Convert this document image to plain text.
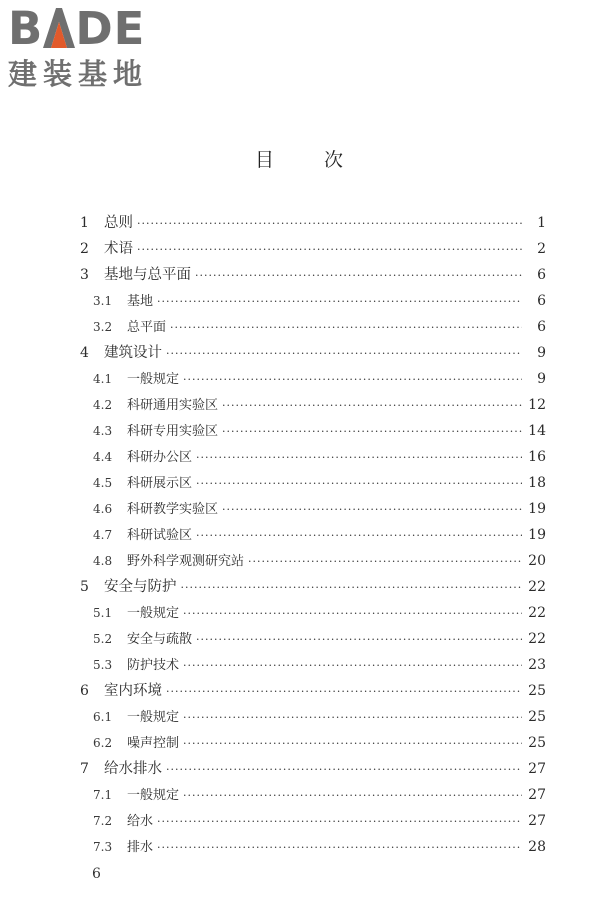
B DE
建装基地
目	次
1	总则 ·····	1
2	术语 ·····	2
3	基地与总平面 ·····	6
3.1	基地 ·····	6
3.2	总平面 ·····	6
4	建筑设计 ·····	9
4.1	一般规定 ·····	9
4.2	科研通用实验区 ·····	12
4.3	科研专用实验区 ·····	14
4.4	科研办公区 ·····	16
4.5	科研展示区 ·····	18
4.6	科研教学实验区 ·····	19
4.7	科研试验区 ·····	19
4.8	野外科学观测研究站 ·····	20
5	安全与防护 ·····	22
5.1	一般规定 ·····	22
5.2	安全与疏散 ·····	22
5.3	防护技术 ·····	23
6	室内环境 ·····	25
6.1	一般规定 ·····	25
6.2	噪声控制 ·····	25
7	给水排水 ·····	27
7.1	一般规定 ·····	27
7.2	给水 ·····	27
7.3	排水 ·····	28
6
